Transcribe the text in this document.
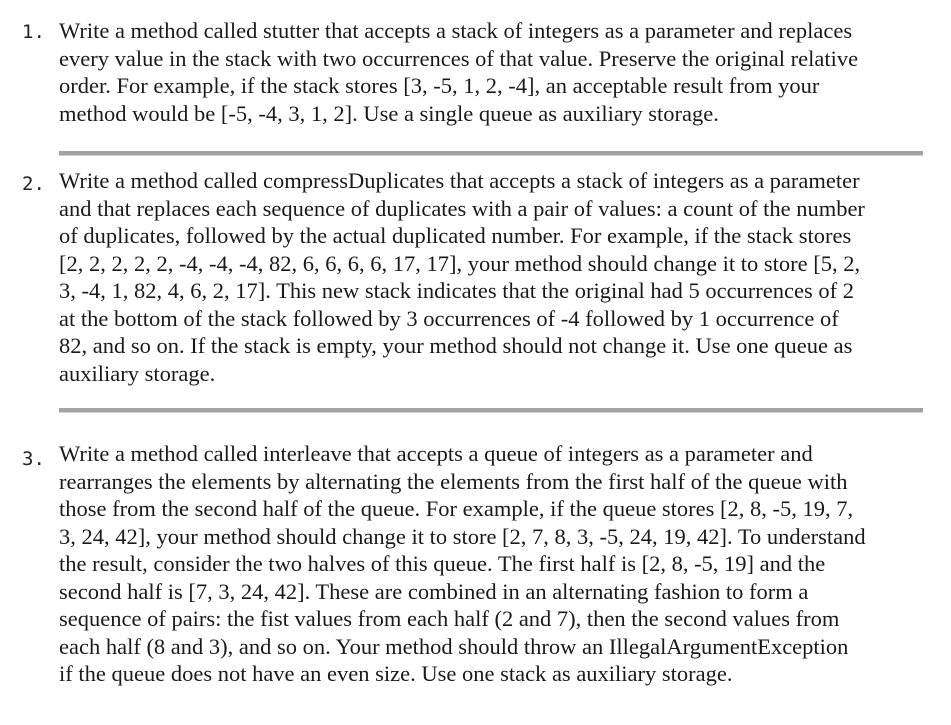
1. Write a method called stutter that accepts a stack of integers as a parameter and replaces
every value in the stack with two occurrences of that value. Preserve the original relative
order. For example, if the stack stores [3, -5, 1, 2, -4], an acceptable result from your
method would be [-5, -4, 3, 1, 2]. Use a single queue as auxiliary storage.
2. Write a method called compressDuplicates that accepts a stack of integers as a parameter
and that replaces each sequence of duplicates with a pair of values: a count of the number
of duplicates, followed by the actual duplicated number. For example, if the stack stores
[2, 2, 2, 2, 2, -4, -4, -4, 82, 6, 6, 6, 6, 17, 17], your method should change it to store [5, 2,
3, -4, 1, 82, 4, 6, 2, 17]. This new stack indicates that the original had 5 occurrences of 2
at the bottom of the stack followed by 3 occurrences of -4 followed by 1 occurrence of
82, and so on. If the stack is empty, your method should not change it. Use one queue as
auxiliary storage.
3. Write a method called interleave that accepts a queue of integers as a parameter and
rearranges the elements by alternating the elements from the first half of the queue with
those from the second half of the queue. For example, if the queue stores [2, 8, -5, 19, 7,
3, 24, 42], your method should change it to store [2, 7, 8, 3, -5, 24, 19, 42]. To understand
the result, consider the two halves of this queue. The first half is [2, 8, -5, 19] and the
second half is [7, 3, 24, 42]. These are combined in an alternating fashion to form a
sequence of pairs: the fist values from each half (2 and 7), then the second values from
each half (8 and 3), and so on. Your method should throw an IllegalArgumentException
if the queue does not have an even size. Use one stack as auxiliary storage.
